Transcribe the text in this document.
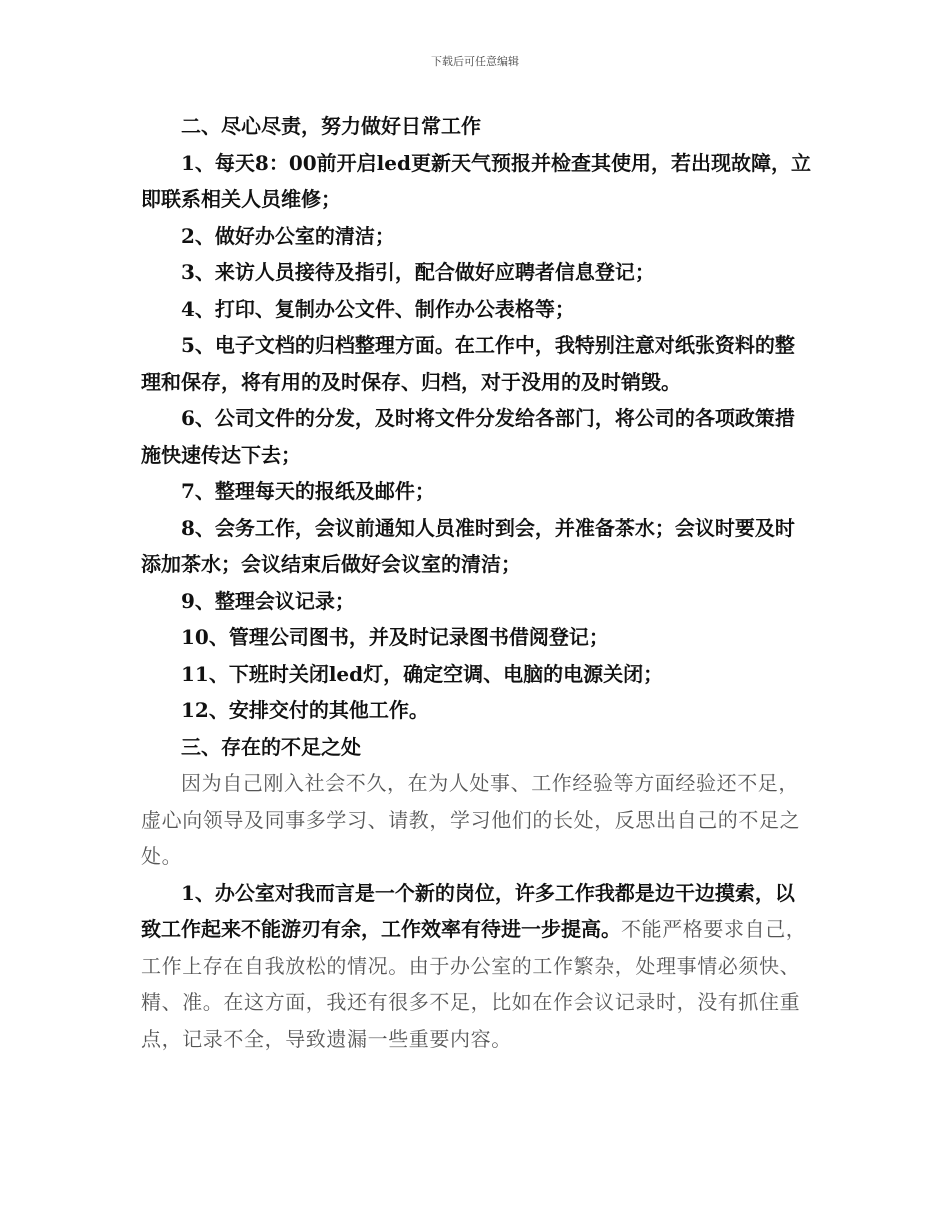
下载后可任意编辑

二、尽心尽责，努力做好日常工作

1、每天8：00前开启led更新天气预报并检查其使用，若出现故障，立即联系相关人员维修；

2、做好办公室的清洁；

3、来访人员接待及指引，配合做好应聘者信息登记；

4、打印、复制办公文件、制作办公表格等；

5、电子文档的归档整理方面。在工作中，我特别注意对纸张资料的整理和保存，将有用的及时保存、归档，对于没用的及时销毁。

6、公司文件的分发，及时将文件分发给各部门，将公司的各项政策措施快速传达下去；

7、整理每天的报纸及邮件；

8、会务工作，会议前通知人员准时到会，并准备茶水；会议时要及时添加茶水；会议结束后做好会议室的清洁；

9、整理会议记录；

10、管理公司图书，并及时记录图书借阅登记；

11、下班时关闭led灯，确定空调、电脑的电源关闭；

12、安排交付的其他工作。

三、存在的不足之处

因为自己刚入社会不久，在为人处事、工作经验等方面经验还不足，虚心向领导及同事多学习、请教，学习他们的长处，反思出自己的不足之处。

1、办公室对我而言是一个新的岗位，许多工作我都是边干边摸索，以致工作起来不能游刃有余，工作效率有待进一步提高。不能严格要求自己，工作上存在自我放松的情况。由于办公室的工作繁杂，处理事情必须快、精、准。在这方面，我还有很多不足，比如在作会议记录时，没有抓住重点，记录不全，导致遗漏一些重要内容。
